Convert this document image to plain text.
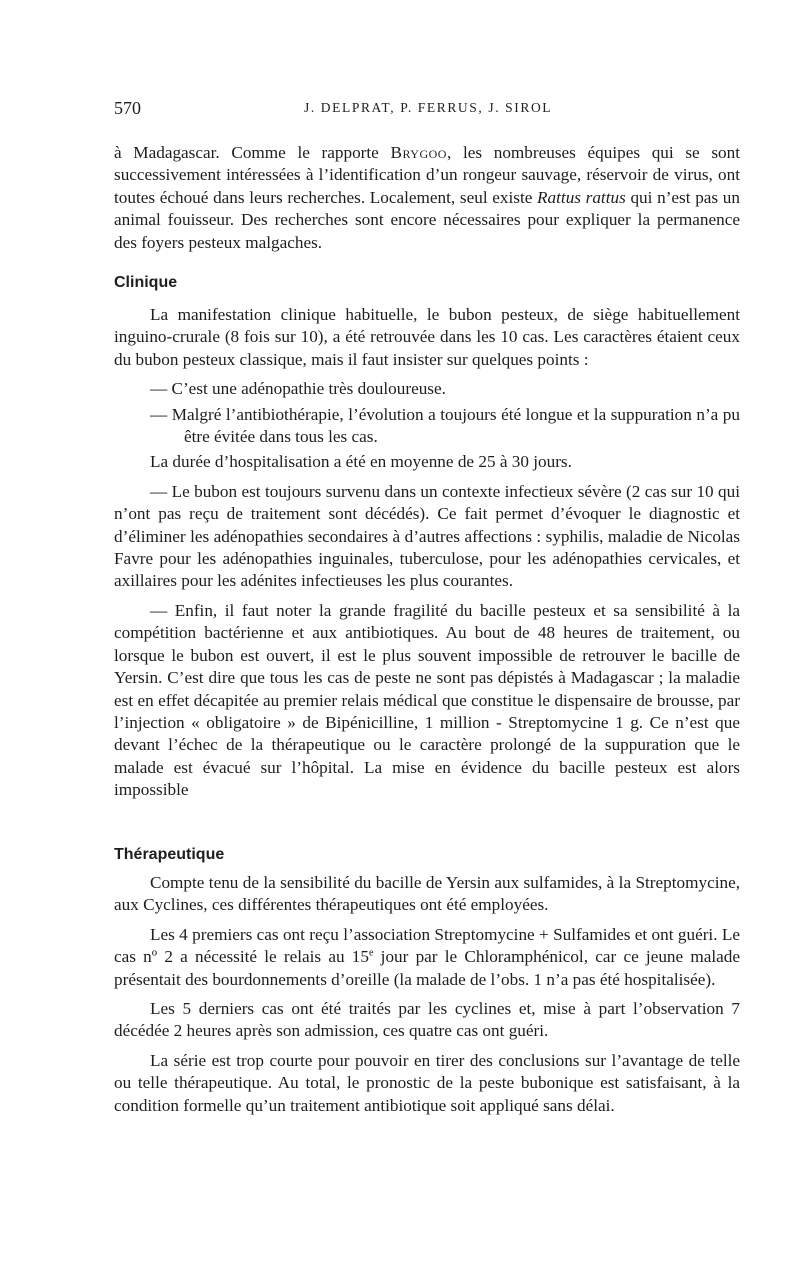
570	J. DELPRAT, P. FERRUS, J. SIROL

à Madagascar. Comme le rapporte Brygoo, les nombreuses équipes qui se sont successivement intéressées à l’identification d’un rongeur sauvage, réservoir de virus, ont toutes échoué dans leurs recherches. Localement, seul existe Rattus rattus qui n’est pas un animal fouisseur. Des recherches sont encore nécessaires pour expliquer la permanence des foyers pesteux malgaches.

Clinique

La manifestation clinique habituelle, le bubon pesteux, de siège habituellement inguino-crurale (8 fois sur 10), a été retrouvée dans les 10 cas. Les caractères étaient ceux du bubon pesteux classique, mais il faut insister sur quelques points :

— C’est une adénopathie très douloureuse.

— Malgré l’antibiothérapie, l’évolution a toujours été longue et la suppuration n’a pu être évitée dans tous les cas.

La durée d’hospitalisation a été en moyenne de 25 à 30 jours.

— Le bubon est toujours survenu dans un contexte infectieux sévère (2 cas sur 10 qui n’ont pas reçu de traitement sont décédés). Ce fait permet d’évoquer le diagnostic et d’éliminer les adénopathies secondaires à d’autres affections : syphilis, maladie de Nicolas Favre pour les adénopathies inguinales, tuberculose, pour les adénopathies cervicales, et axillaires pour les adénites infectieuses les plus courantes.

— Enfin, il faut noter la grande fragilité du bacille pesteux et sa sensibilité à la compétition bactérienne et aux antibiotiques. Au bout de 48 heures de traitement, ou lorsque le bubon est ouvert, il est le plus souvent impossible de retrouver le bacille de Yersin. C’est dire que tous les cas de peste ne sont pas dépistés à Madagascar ; la maladie est en effet décapitée au premier relais médical que constitue le dispensaire de brousse, par l’injection « obligatoire » de Bipénicilline, 1 million - Streptomycine 1 g. Ce n’est que devant l’échec de la thérapeutique ou le caractère prolongé de la suppuration que le malade est évacué sur l’hôpital. La mise en évidence du bacille pesteux est alors impossible

Thérapeutique

Compte tenu de la sensibilité du bacille de Yersin aux sulfamides, à la Streptomycine, aux Cyclines, ces différentes thérapeutiques ont été employées.

Les 4 premiers cas ont reçu l’association Streptomycine + Sulfamides et ont guéri. Le cas nº 2 a nécessité le relais au 15e jour par le Chloramphénicol, car ce jeune malade présentait des bourdonnements d’oreille (la malade de l’obs. 1 n’a pas été hospitalisée).

Les 5 derniers cas ont été traités par les cyclines et, mise à part l’observation 7 décédée 2 heures après son admission, ces quatre cas ont guéri.

La série est trop courte pour pouvoir en tirer des conclusions sur l’avantage de telle ou telle thérapeutique. Au total, le pronostic de la peste bubonique est satisfaisant, à la condition formelle qu’un traitement antibiotique soit appliqué sans délai.
